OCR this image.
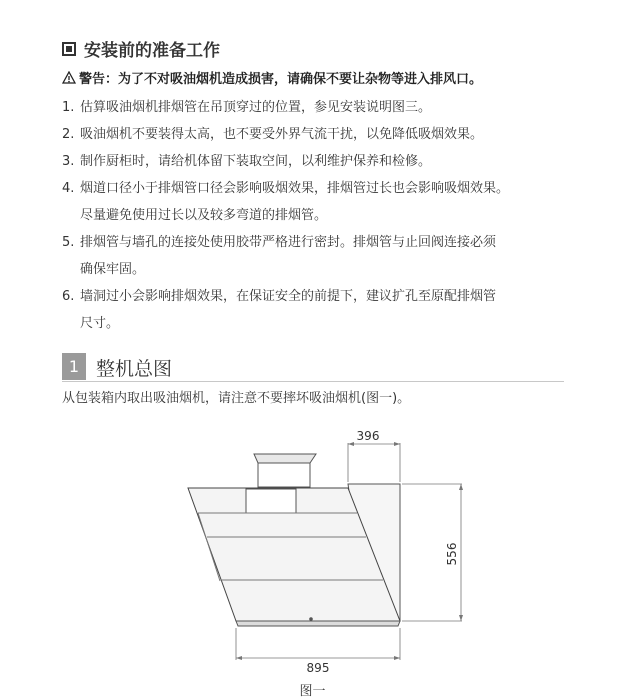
安装前的准备工作
警告：为了不对吸油烟机造成损害，请确保不要让杂物等进入排风口。
1. 估算吸油烟机排烟管在吊顶穿过的位置，参见安装说明图三。
2. 吸油烟机不要装得太高，也不要受外界气流干扰，以免降低吸烟效果。
3. 制作厨柜时，请给机体留下装取空间，以利维护保养和检修。
4. 烟道口径小于排烟管口径会影响吸烟效果，排烟管过长也会影响吸烟效果。
尽量避免使用过长以及较多弯道的排烟管。
5. 排烟管与墙孔的连接处使用胶带严格进行密封。排烟管与止回阀连接必须
确保牢固。
6. 墙洞过小会影响排烟效果，在保证安全的前提下，建议扩孔至原配排烟管
尺寸。
1 整机总图
从包装箱内取出吸油烟机，请注意不要摔坏吸油烟机(图一)。
396
556
895
图一
